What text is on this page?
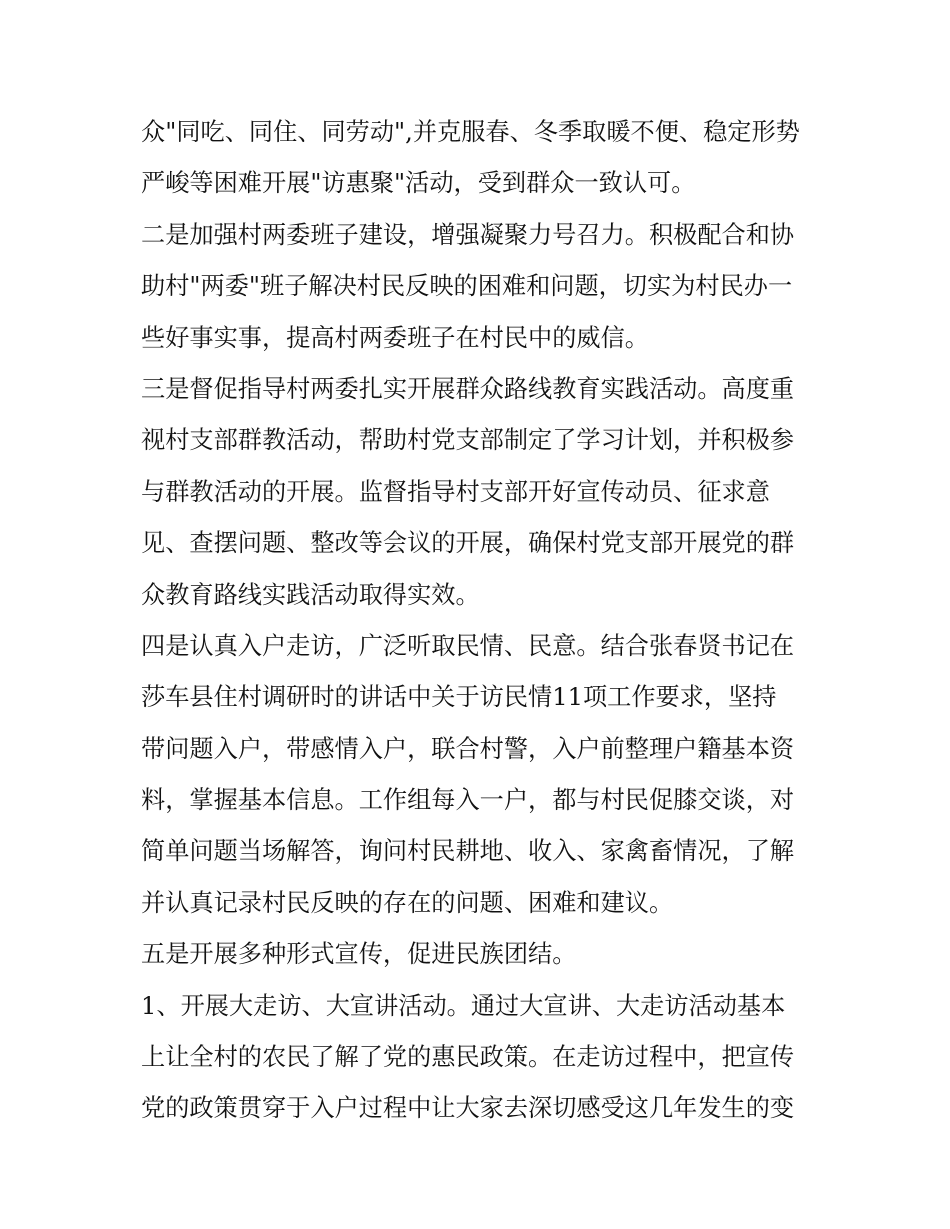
众"同吃、同住、同劳动",并克服春、冬季取暖不便、稳定形势
严峻等困难开展"访惠聚"活动，受到群众一致认可。
二是加强村两委班子建设，增强凝聚力号召力。积极配合和协
助村"两委"班子解决村民反映的困难和问题，切实为村民办一
些好事实事，提高村两委班子在村民中的威信。
三是督促指导村两委扎实开展群众路线教育实践活动。高度重
视村支部群教活动，帮助村党支部制定了学习计划，并积极参
与群教活动的开展。监督指导村支部开好宣传动员、征求意
见、查摆问题、整改等会议的开展，确保村党支部开展党的群
众教育路线实践活动取得实效。
四是认真入户走访，广泛听取民情、民意。结合张春贤书记在
莎车县住村调研时的讲话中关于访民情11项工作要求，坚持
带问题入户，带感情入户，联合村警，入户前整理户籍基本资
料，掌握基本信息。工作组每入一户，都与村民促膝交谈，对
简单问题当场解答，询问村民耕地、收入、家禽畜情况，了解
并认真记录村民反映的存在的问题、困难和建议。
五是开展多种形式宣传，促进民族团结。
1、开展大走访、大宣讲活动。通过大宣讲、大走访活动基本
上让全村的农民了解了党的惠民政策。在走访过程中，把宣传
党的政策贯穿于入户过程中让大家去深切感受这几年发生的变
